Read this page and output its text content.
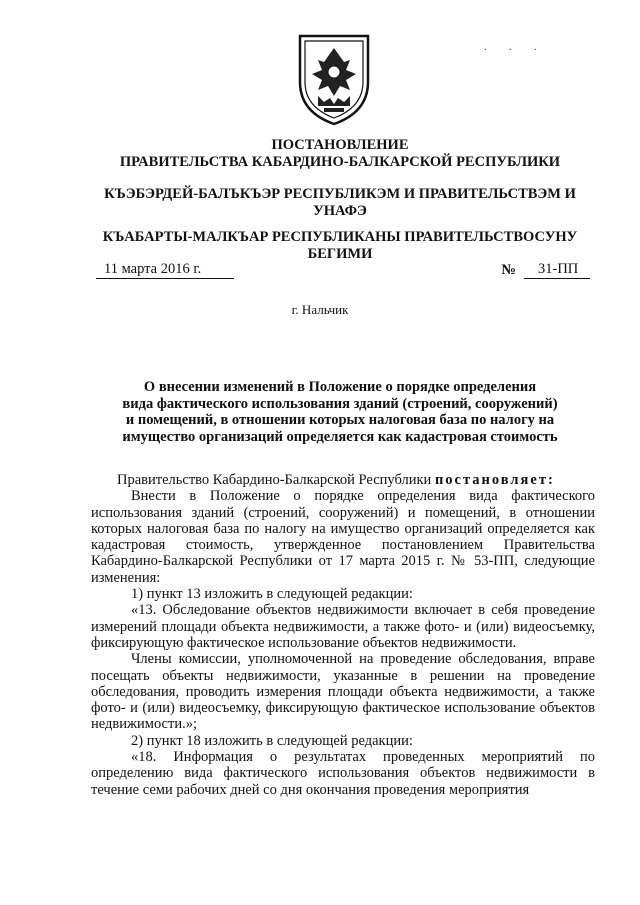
. . .
ПОСТАНОВЛЕНИЕ
ПРАВИТЕЛЬСТВА КАБАРДИНО-БАЛКАРСКОЙ РЕСПУБЛИКИ
КЪЭБЭРДЕЙ-БАЛЪКЪЭР РЕСПУБЛИКЭМ И ПРАВИТЕЛЬСТВЭМ И
УНАФЭ
КЪАБАРТЫ-МАЛКЪАР РЕСПУБЛИКАНЫ ПРАВИТЕЛЬСТВОСУНУ
БЕГИМИ
11 марта 2016 г.	№	31-ПП
г. Нальчик
О внесении изменений в Положение о порядке определения
вида фактического использования зданий (строений, сооружений)
и помещений, в отношении которых налоговая база по налогу на
имущество организаций определяется как кадастровая стоимость

Правительство Кабардино-Балкарской Республики постановляет:

Внести в Положение о порядке определения вида фактического использования зданий (строений, сооружений) и помещений, в отношении которых налоговая база по налогу на имущество организаций определяется как кадастровая стоимость, утвержденное постановлением Правительства Кабардино-Балкарской Республики от 17 марта 2015 г. № 53-ПП, следующие изменения:

1) пункт 13 изложить в следующей редакции:

«13. Обследование объектов недвижимости включает в себя проведение измерений площади объекта недвижимости, а также фото- и (или) видеосъемку, фиксирующую фактическое использование объектов недвижимости.

Члены комиссии, уполномоченной на проведение обследования, вправе посещать объекты недвижимости, указанные в решении на проведение обследования, проводить измерения площади объекта недвижимости, а также фото- и (или) видеосъемку, фиксирующую фактическое использование объектов недвижимости.»;

2) пункт 18 изложить в следующей редакции:

«18. Информация о результатах проведенных мероприятий по определению вида фактического использования объектов недвижимости в течение семи рабочих дней со дня окончания проведения мероприятия
